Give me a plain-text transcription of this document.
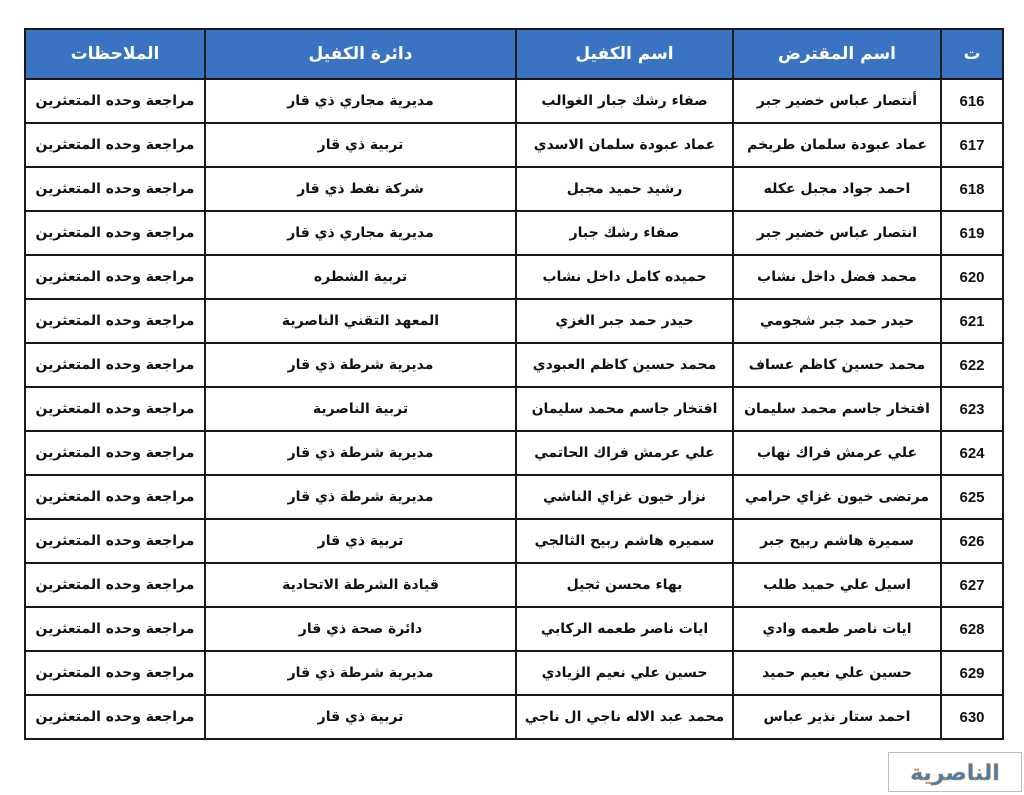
ت	اسم المقترض	اسم الكفيل	دائرة الكفيل	الملاحظات
616	أنتصار عباس خضير جبر	صفاء رشك جبار الغوالب	مديرية مجاري ذي قار	مراجعة وحده المتعثرين
617	عماد عبودة سلمان طريخم	عماد عبودة سلمان الاسدي	تربية ذي قار	مراجعة وحده المتعثرين
618	احمد جواد مجبل عكله	رشيد حميد مجبل	شركة نفط ذي قار	مراجعة وحده المتعثرين
619	انتصار عباس خضير جبر	صفاء رشك جبار	مديرية مجاري ذي قار	مراجعة وحده المتعثرين
620	محمد فضل داخل نشاب	حميده كامل داخل نشاب	تربية الشطره	مراجعة وحده المتعثرين
621	حيدر حمد جبر شجومي	حيدر حمد جبر الغزي	المعهد التقني الناصرية	مراجعة وحده المتعثرين
622	محمد حسين كاظم عساف	محمد حسين كاظم العبودي	مديرية شرطة ذي قار	مراجعة وحده المتعثرين
623	افتخار جاسم محمد سليمان	افتخار جاسم محمد سليمان	تربية الناصرية	مراجعة وحده المتعثرين
624	علي عرمش فراك نهاب	علي عرمش فراك الحاتمي	مديرية شرطة ذي قار	مراجعة وحده المتعثرين
625	مرتضى خيون غزاي حرامي	نزار خيون غزاي الناشي	مديرية شرطة ذي قار	مراجعة وحده المتعثرين
626	سميرة هاشم ربيح جبر	سميره هاشم ربيح الثالجي	تربية ذي قار	مراجعة وحده المتعثرين
627	اسيل علي حميد طلب	بهاء محسن ثجيل	قيادة الشرطة الاتحادية	مراجعة وحده المتعثرين
628	ايات ناصر طعمه وادي	ايات ناصر طعمه الركابي	دائرة صحة ذي قار	مراجعة وحده المتعثرين
629	حسين علي نعيم حميد	حسين علي نعيم الزيادي	مديرية شرطة ذي قار	مراجعة وحده المتعثرين
630	احمد ستار نذير عباس	محمد عبد الاله ناجي ال ناجي	تربية ذي قار	مراجعة وحده المتعثرين
الناصرية
